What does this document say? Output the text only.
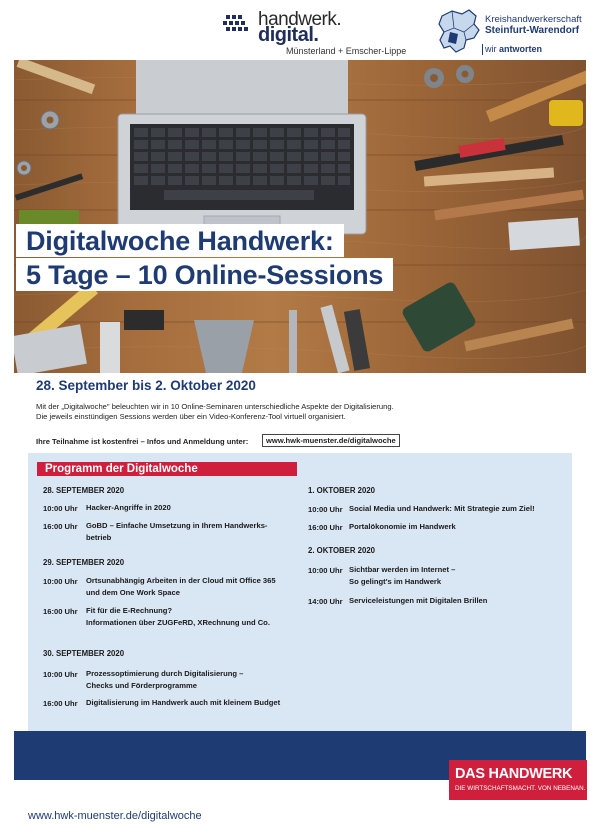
handwerk.
digital.
Münsterland + Emscher-Lippe
Kreishandwerkerschaft
Steinfurt-Warendorf
wir antworten
Digitalwoche Handwerk:
5 Tage – 10 Online-Sessions
28. September bis 2. Oktober 2020
Mit der „Digitalwoche" beleuchten wir in 10 Online-Seminaren unterschiedliche Aspekte der Digitalisierung.
Die jeweils einstündigen Sessions werden über ein Video-Konferenz-Tool virtuell organisiert.
Ihre Teilnahme ist kostenfrei – Infos und Anmeldung unter:	www.hwk-muenster.de/digitalwoche
Programm der Digitalwoche
28. SEPTEMBER 2020
10:00 Uhr Hacker-Angriffe in 2020
16:00 Uhr GoBD – Einfache Umsetzung in Ihrem Handwerks-
betrieb
29. SEPTEMBER 2020
10:00 Uhr Ortsunabhängig Arbeiten in der Cloud mit Office 365
und dem One Work Space
16:00 Uhr Fit für die E-Rechnung?
Informationen über ZUGFeRD, XRechnung und Co.
30. SEPTEMBER 2020
10:00 Uhr Prozessoptimierung durch Digitalisierung –
Checks und Förderprogramme
16:00 Uhr Digitalisierung im Handwerk auch mit kleinem Budget
1. OKTOBER 2020
10:00 Uhr Social Media und Handwerk: Mit Strategie zum Ziel!
16:00 Uhr Portalökonomie im Handwerk
2. OKTOBER 2020
10:00 Uhr Sichtbar werden im Internet –
So gelingt's im Handwerk
14:00 Uhr Serviceleistungen mit Digitalen Brillen
www.hwk-muenster.de/digitalwoche
DAS HANDWERK
DIE WIRTSCHAFTSMACHT. VON NEBENAN.
